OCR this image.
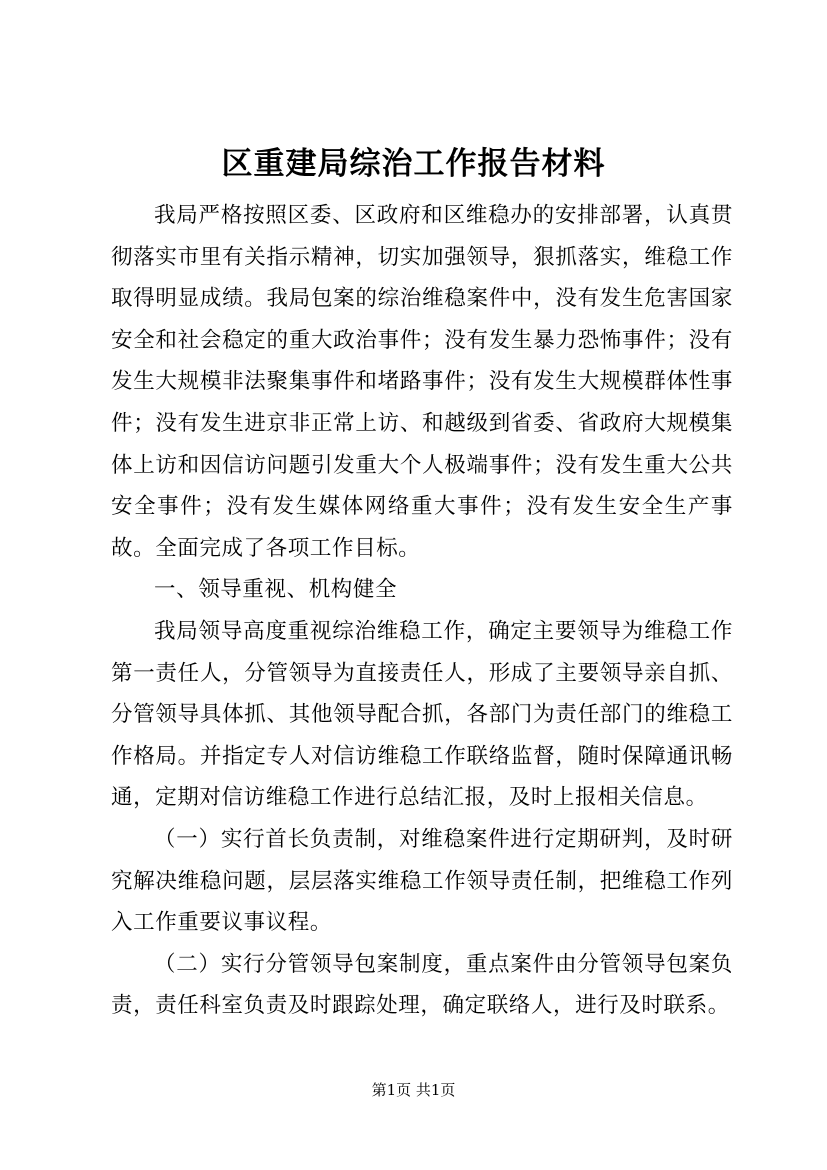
区重建局综治工作报告材料

我局严格按照区委、区政府和区维稳办的安排部署，认真贯彻落实市里有关指示精神，切实加强领导，狠抓落实，维稳工作取得明显成绩。我局包案的综治维稳案件中，没有发生危害国家安全和社会稳定的重大政治事件；没有发生暴力恐怖事件；没有发生大规模非法聚集事件和堵路事件；没有发生大规模群体性事件；没有发生进京非正常上访、和越级到省委、省政府大规模集体上访和因信访问题引发重大个人极端事件；没有发生重大公共安全事件；没有发生媒体网络重大事件；没有发生安全生产事故。全面完成了各项工作目标。

一、领导重视、机构健全

我局领导高度重视综治维稳工作，确定主要领导为维稳工作第一责任人，分管领导为直接责任人，形成了主要领导亲自抓、分管领导具体抓、其他领导配合抓，各部门为责任部门的维稳工作格局。并指定专人对信访维稳工作联络监督，随时保障通讯畅通，定期对信访维稳工作进行总结汇报，及时上报相关信息。

（一）实行首长负责制，对维稳案件进行定期研判，及时研究解决维稳问题，层层落实维稳工作领导责任制，把维稳工作列入工作重要议事议程。

（二）实行分管领导包案制度，重点案件由分管领导包案负责，责任科室负责及时跟踪处理，确定联络人，进行及时联系。

第1页 共1页
